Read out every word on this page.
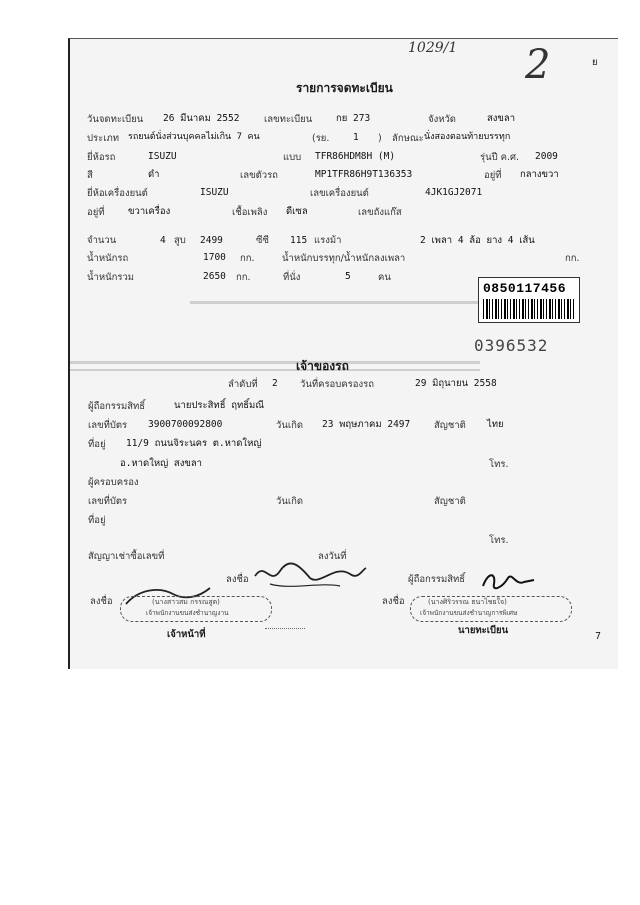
1029/1 2	ย
รายการจดทะเบียน
วันจดทะเบียน 26 มีนาคม 2552	เลขทะเบียน กย 273	จังหวัด	สงขลา
ประเภท รถยนต์นั่งส่วนบุคคลไม่เกิน 7 คน	(รย. 1 ) ลักษณะ นั่งสองตอนท้ายบรรทุก
ยี่ห้อรถ	ISUZU	แบบ TFR86HDM8H (M)	รุ่นปี ค.ศ. 2009
สี	ดำ	เลขตัวรถ	MP1TFR86H9T136353	อยู่ที่ กลางขวา
ยี่ห้อเครื่องยนต์	ISUZU	เลขเครื่องยนต์	4JK1GJ2071
อยู่ที่ ขวาเครื่อง	เชื้อเพลิง ดีเซล	เลขถังแก๊ส
จำนวน	4 สูบ 2499	ซีซี 115 แรงม้า	2 เพลา 4 ล้อ ยาง 4 เส้น
น้ำหนักรถ	1700 กก.	น้ำหนักบรรทุก/น้ำหนักลงเพลา	กก.
น้ำหนักรวม	2650 กก.	ที่นั่ง	5	คน
0850117456
0396532
เจ้าของรถ
ลำดับที่ 2 วันที่ครอบครองรถ	29 มิถุนายน 2558
ผู้ถือกรรมสิทธิ์	นายประสิทธิ์ ฤทธิ์มณี
เลขที่บัตร 3900700092800	วันเกิด 23 พฤษภาคม 2497	สัญชาติ ไทย
ที่อยู่ 11/9 ถนนจิระนคร ต.หาดใหญ่
อ.หาดใหญ่ สงขลา	โทร.
ผู้ครอบครอง
เลขที่บัตร	วันเกิด	สัญชาติ
ที่อยู่
โทร.
สัญญาเช่าซื้อเลขที่	ลงวันที่
ลงชื่อ	ผู้ถือกรรมสิทธิ์
ลงชื่อ	(นางสาวสม กรรณสูต)
เจ้าพนักงานขนส่งชำนาญงาน
เจ้าหน้าที่
ลงชื่อ	(นางศิริวรรณ ธนาไชยใจ)
เจ้าพนักงานขนส่งชำนาญการพิเศษ
นายทะเบียน
7
